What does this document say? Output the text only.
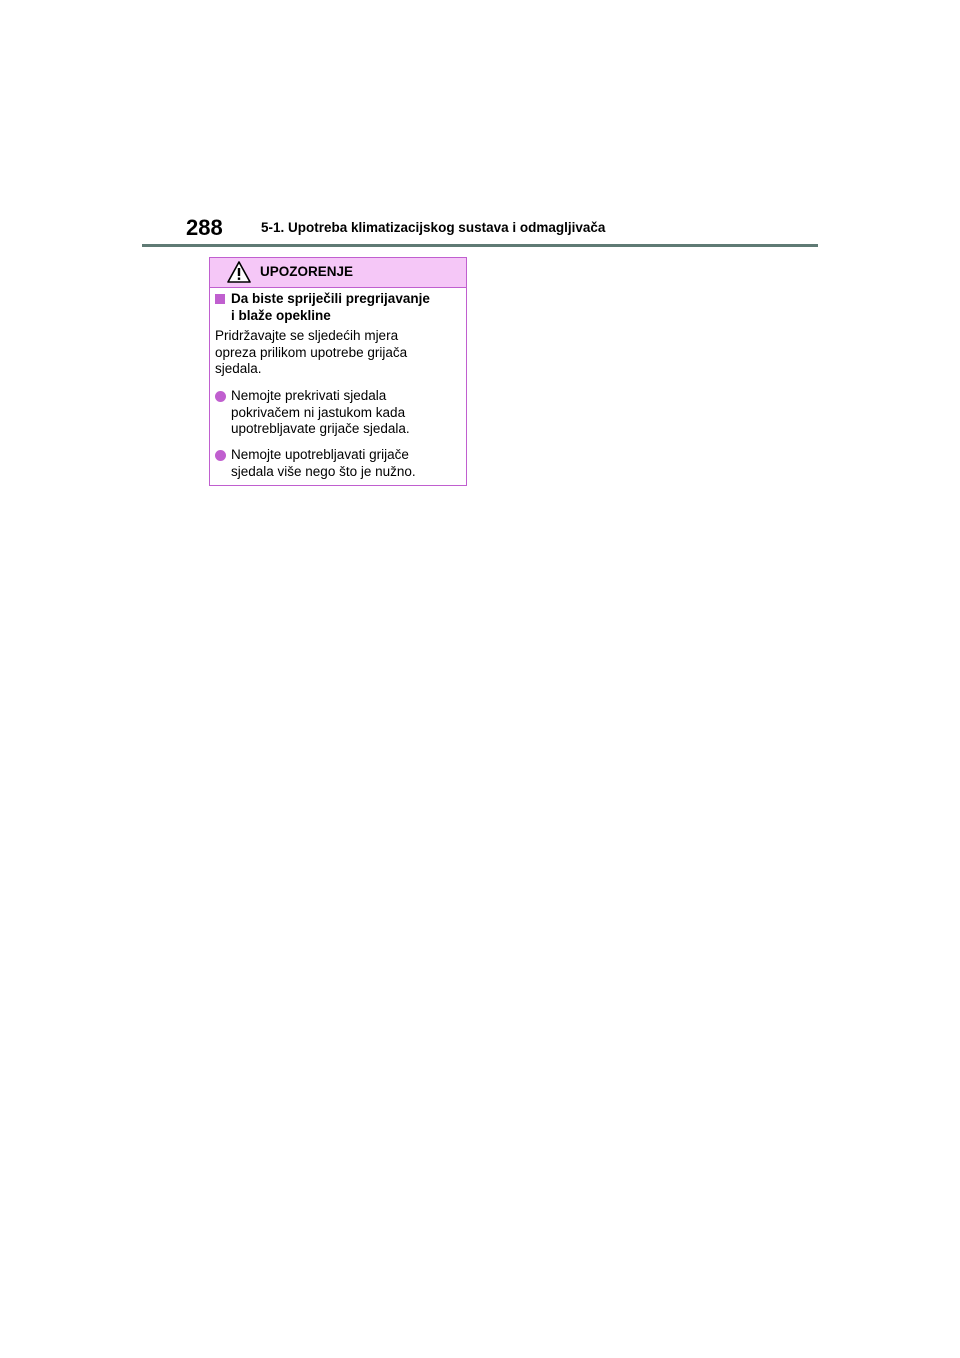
288	5-1. Upotreba klimatizacijskog sustava i odmagljivača
UPOZORENJE
Da biste spriječili pregrijavanje
i blaže opekline
Pridržavajte se sljedećih mjera
opreza prilikom upotrebe grijača
sjedala.
Nemojte prekrivati sjedala
pokrivačem ni jastukom kada
upotrebljavate grijače sjedala.
Nemojte upotrebljavati grijače
sjedala više nego što je nužno.
